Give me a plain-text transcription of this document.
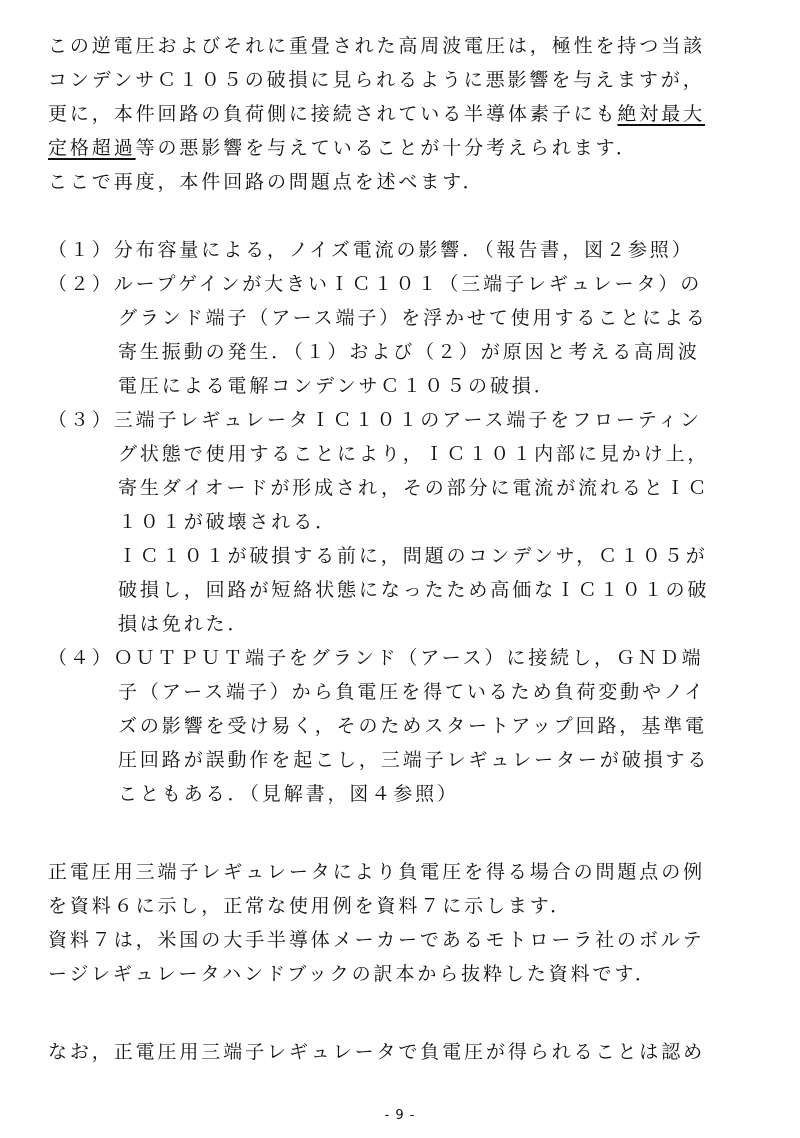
この逆電圧およびそれに重畳された高周波電圧は，極性を持つ当該
コンデンサＣ１０５の破損に見られるように悪影響を与えますが，
更に，本件回路の負荷側に接続されている半導体素子にも絶対最大
定格超過等の悪影響を与えていることが十分考えられます．
ここで再度，本件回路の問題点を述べます．
（１）分布容量による，ノイズ電流の影響．（報告書，図２参照）
（２）ループゲインが大きいＩＣ１０１（三端子レギュレータ）の
グランド端子（アース端子）を浮かせて使用することによる
寄生振動の発生．（１）および（２）が原因と考える高周波
電圧による電解コンデンサＣ１０５の破損．
（３）三端子レギュレータＩＣ１０１のアース端子をフローティン
グ状態で使用することにより，ＩＣ１０１内部に見かけ上，
寄生ダイオードが形成され，その部分に電流が流れるとＩＣ
１０１が破壊される．
ＩＣ１０１が破損する前に，問題のコンデンサ，Ｃ１０５が
破損し，回路が短絡状態になったため高価なＩＣ１０１の破
損は免れた．
（４）ＯＵＴＰＵＴ端子をグランド（アース）に接続し，ＧＮＤ端
子（アース端子）から負電圧を得ているため負荷変動やノイ
ズの影響を受け易く，そのためスタートアップ回路，基準電
圧回路が誤動作を起こし，三端子レギュレーターが破損する
こともある．（見解書，図４参照）
正電圧用三端子レギュレータにより負電圧を得る場合の問題点の例
を資料６に示し，正常な使用例を資料７に示します．
資料７は，米国の大手半導体メーカーであるモトローラ社のボルテ
ージレギュレータハンドブックの訳本から抜粋した資料です．
なお，正電圧用三端子レギュレータで負電圧が得られることは認め
- 9 -
